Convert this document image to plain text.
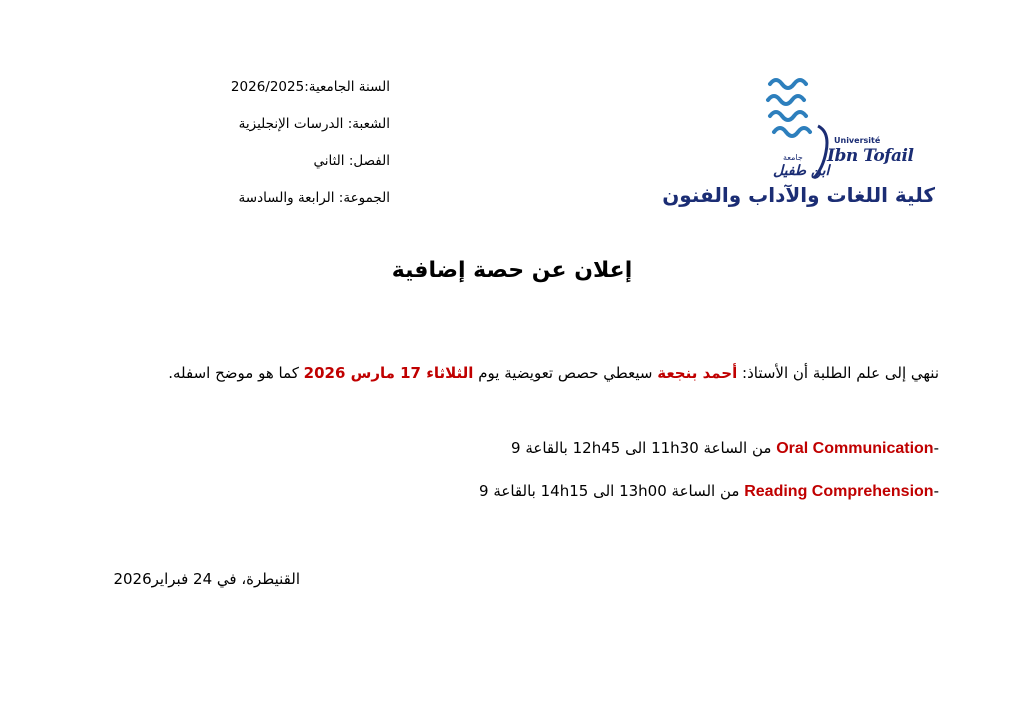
السنة الجامعية:2026/2025
الشعبة: الدرسات الإنجليزية
الفصل: الثاني
الجموعة: الرابعة والسادسة
Université
Ibn Tofail
جامعة
ابن طفيل
كلية اللغات والآداب والفنون
إعلان عن حصة إضافية
ننهي إلى علم الطلبة أن الأستاذ: أحمد بنجعة سيعطي حصص تعويضية يوم الثلاثاء 17 مارس 2026 كما هو موضح اسفله.
-Oral Communication من الساعة 11h30 الى 12h45 بالقاعة 9
-Reading Comprehension من الساعة 13h00 الى 14h15 بالقاعة 9
القنيطرة، في 24 فبراير2026
